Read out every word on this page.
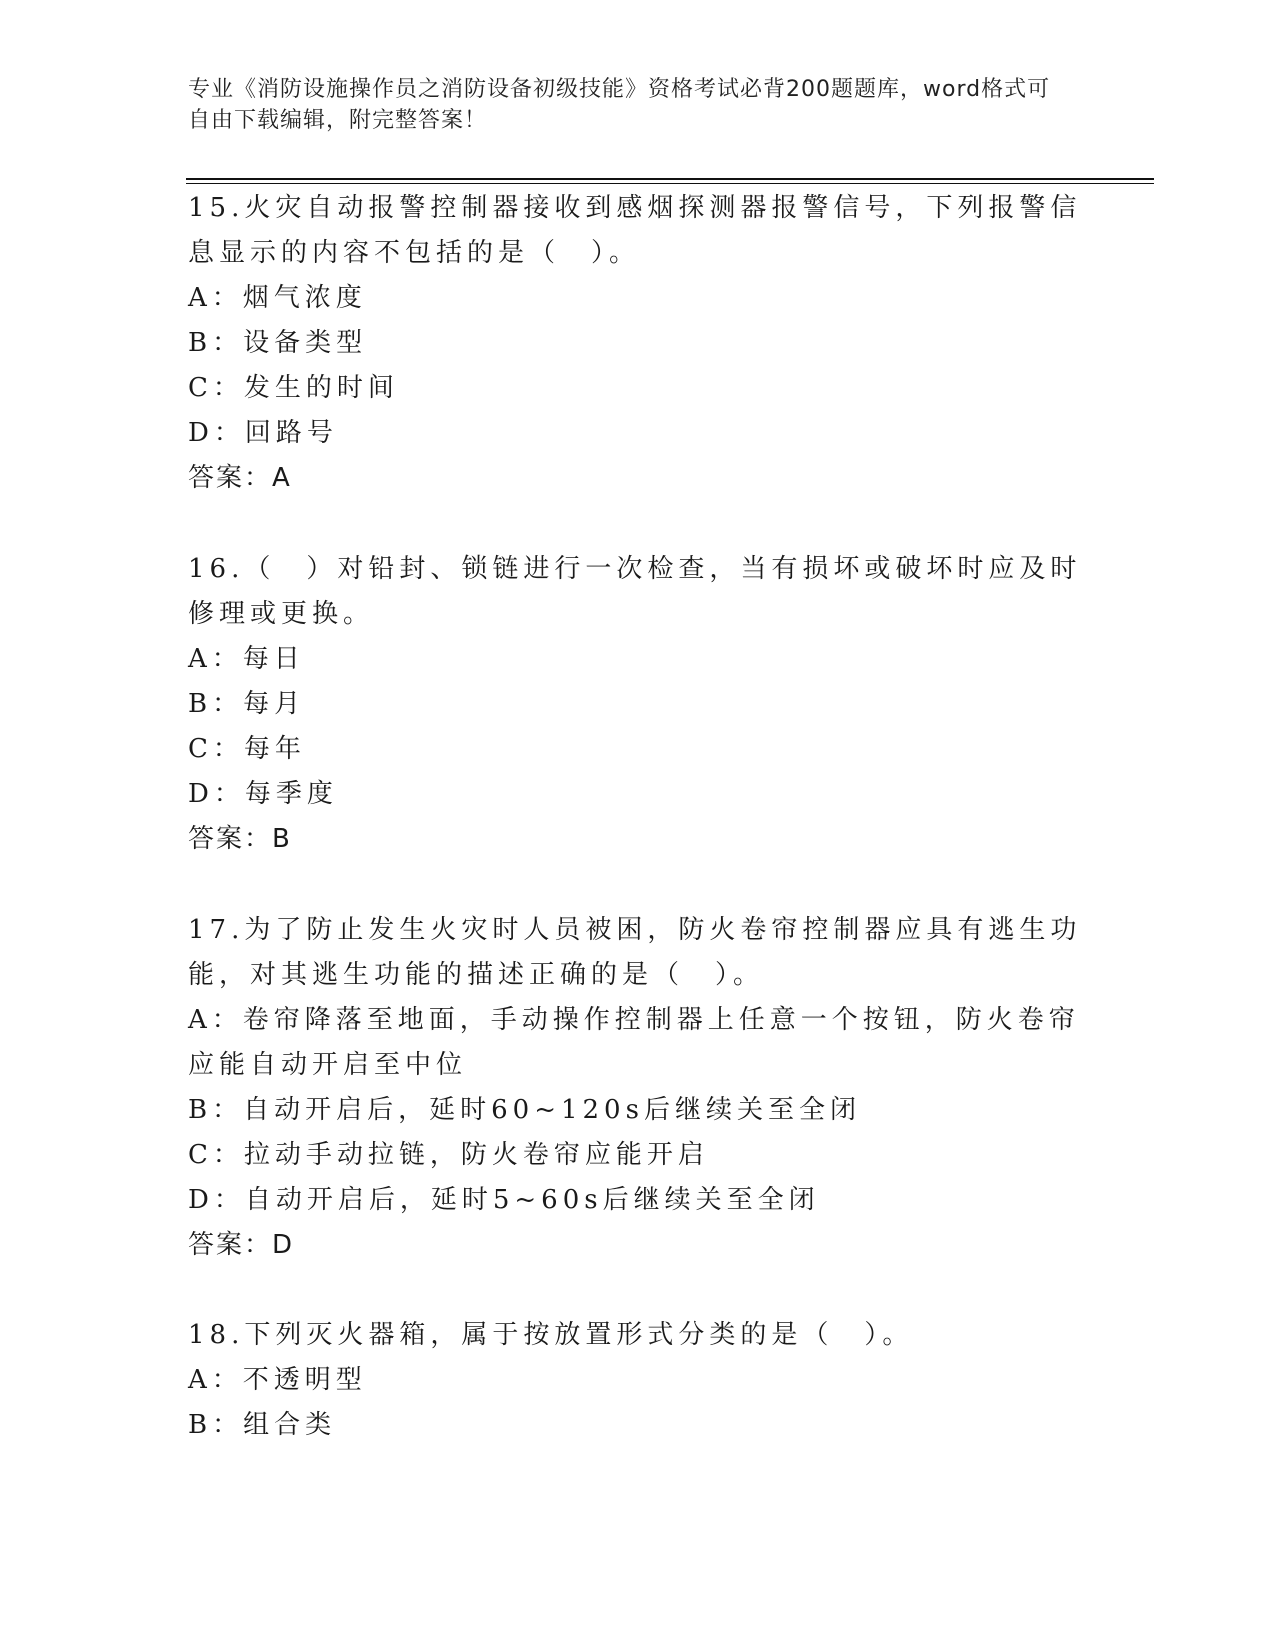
专业《消防设施操作员之消防设备初级技能》资格考试必背200题题库，word格式可自由下载编辑，附完整答案！
15.火灾自动报警控制器接收到感烟探测器报警信号，下列报警信息显示的内容不包括的是（　）。
A：烟气浓度
B：设备类型
C：发生的时间
D：回路号
答案：A
16.（　）对铅封、锁链进行一次检查，当有损坏或破坏时应及时修理或更换。
A：每日
B：每月
C：每年
D：每季度
答案：B
17.为了防止发生火灾时人员被困，防火卷帘控制器应具有逃生功能，对其逃生功能的描述正确的是（　）。
A：卷帘降落至地面，手动操作控制器上任意一个按钮，防火卷帘应能自动开启至中位
B：自动开启后，延时60~120s后继续关至全闭
C：拉动手动拉链，防火卷帘应能开启
D：自动开启后，延时5~60s后继续关至全闭
答案：D
18.下列灭火器箱，属于按放置形式分类的是（　）。
A：不透明型
B：组合类
